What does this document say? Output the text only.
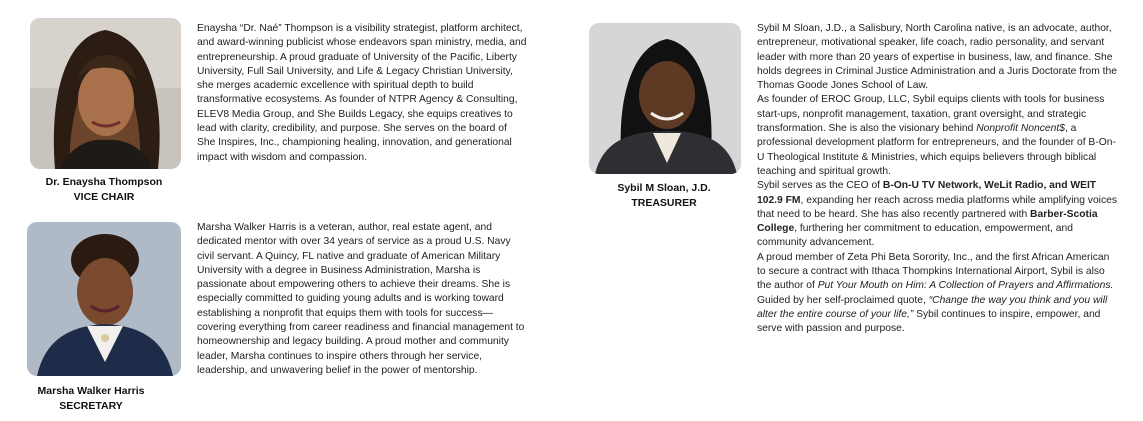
Dr. Enaysha Thompson
VICE CHAIR

Enaysha “Dr. Naé” Thompson is a visibility strategist, platform architect, and award-winning publicist whose endeavors span ministry, media, and entrepreneurship. A proud graduate of University of the Pacific, Liberty University, Full Sail University, and Life & Legacy Christian University, she merges academic excellence with spiritual depth to build transformative ecosystems. As founder of NTPR Agency & Consulting, ELEV8 Media Group, and She Builds Legacy, she equips creatives to lead with clarity, credibility, and purpose. She serves on the board of She Inspires, Inc., championing healing, innovation, and generational impact with wisdom and compassion.

Marsha Walker Harris
SECRETARY

Marsha Walker Harris is a veteran, author, real estate agent, and dedicated mentor with over 34 years of service as a proud U.S. Navy civil servant. A Quincy, FL native and graduate of American Military University with a degree in Business Administration, Marsha is passionate about empowering others to achieve their dreams. She is especially committed to guiding young adults and is working toward establishing a nonprofit that equips them with tools for success—covering everything from career readiness and financial management to homeownership and legacy building. A proud mother and community leader, Marsha continues to inspire others through her service, leadership, and unwavering belief in the power of mentorship.

Sybil M Sloan, J.D.
TREASURER

Sybil M Sloan, J.D., a Salisbury, North Carolina native, is an advocate, author, entrepreneur, motivational speaker, life coach, radio personality, and servant leader with more than 20 years of expertise in business, law, and finance. She holds degrees in Criminal Justice Administration and a Juris Doctorate from the Thomas Goode Jones School of Law.

As founder of EROC Group, LLC, Sybil equips clients with tools for business start-ups, nonprofit management, taxation, grant oversight, and strategic transformation. She is also the visionary behind Nonprofit Noncent$, a professional development platform for entrepreneurs, and the founder of B-On-U Theological Institute & Ministries, which equips believers through biblical teaching and spiritual growth.

Sybil serves as the CEO of B-On-U TV Network, WeLit Radio, and WEIT 102.9 FM, expanding her reach across media platforms while amplifying voices that need to be heard. She has also recently partnered with Barber-Scotia College, furthering her commitment to education, empowerment, and community advancement.

A proud member of Zeta Phi Beta Sorority, Inc., and the first African American to secure a contract with Ithaca Thompkins International Airport, Sybil is also the author of Put Your Mouth on Him: A Collection of Prayers and Affirmations. Guided by her self-proclaimed quote, “Change the way you think and you will alter the entire course of your life,” Sybil continues to inspire, empower, and serve with passion and purpose.
